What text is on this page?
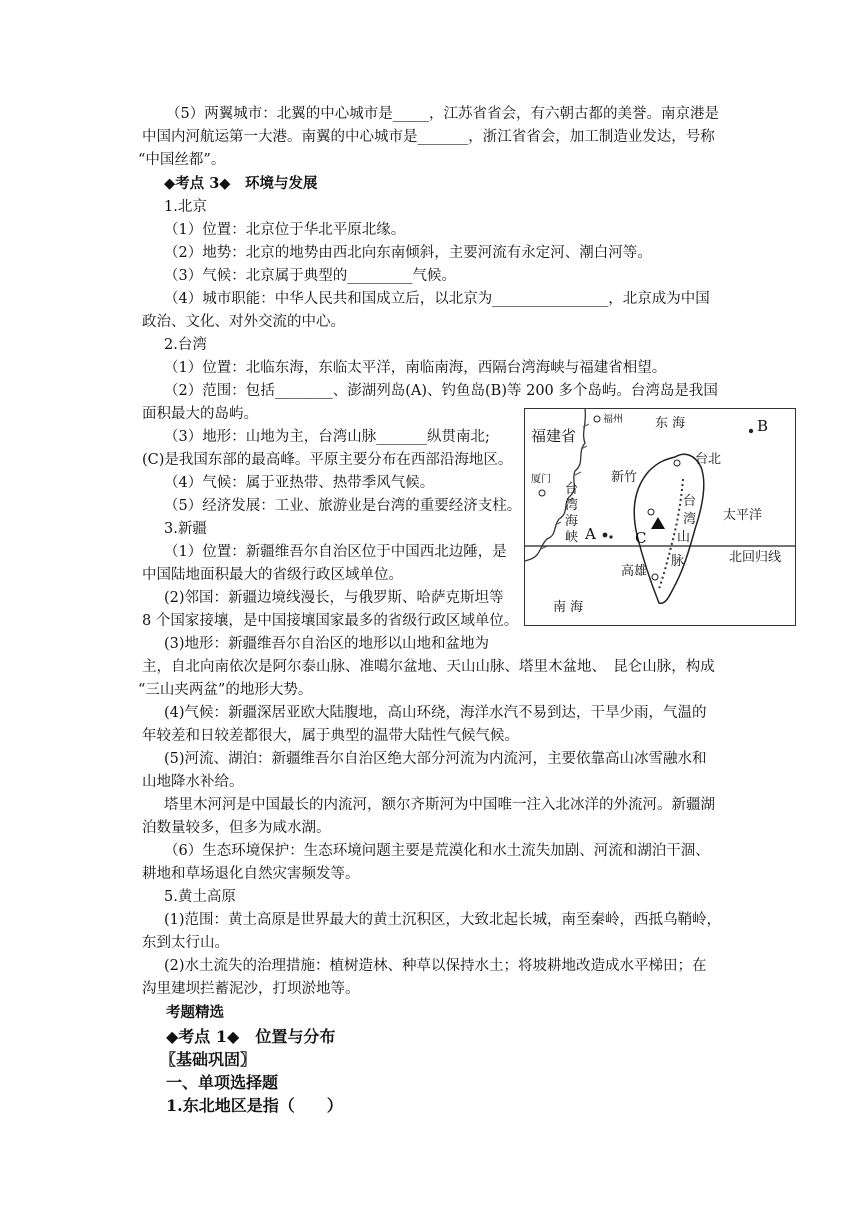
（5）两翼城市：北翼的中心城市是_____，江苏省省会，有六朝古都的美誉。南京港是
中国内河航运第一大港。南翼的中心城市是_______，浙江省省会，加工制造业发达，号称
“中国丝都”。
◆考点 3◆　环境与发展
1.北京
（1）位置：北京位于华北平原北缘。
（2）地势：北京的地势由西北向东南倾斜，主要河流有永定河、潮白河等。
（3）气候：北京属于典型的_________气候。
（4）城市职能：中华人民共和国成立后，以北京为________________，北京成为中国
政治、文化、对外交流的中心。
2.台湾
（1）位置：北临东海，东临太平洋，南临南海，西隔台湾海峡与福建省相望。
（2）范围：包括________、澎湖列岛(A)、钓鱼岛(B)等 200 多个岛屿。台湾岛是我国
面积最大的岛屿。
（3）地形：山地为主，台湾山脉_______纵贯南北;
(C)是我国东部的最高峰。平原主要分布在西部沿海地区。
（4）气候：属于亚热带、热带季风气候。
（5）经济发展：工业、旅游业是台湾的重要经济支柱。
3.新疆
（1）位置：新疆维吾尔自治区位于中国西北边陲，是
中国陆地面积最大的省级行政区域单位。
(2)邻国：新疆边境线漫长，与俄罗斯、哈萨克斯坦等
8 个国家接壤，是中国接壤国家最多的省级行政区域单位。
(3)地形：新疆维吾尔自治区的地形以山地和盆地为
主，自北向南依次是阿尔泰山脉、准噶尔盆地、天山山脉、塔里木盆地、　昆仑山脉，构成
“三山夹两盆”的地形大势。
(4)气候：新疆深居亚欧大陆腹地，高山环绕，海洋水汽不易到达，干旱少雨，气温的
年较差和日较差都很大，属于典型的温带大陆性气候气候。
(5)河流、湖泊：新疆维吾尔自治区绝大部分河流为内流河，主要依靠高山冰雪融水和
山地降水补给。
塔里木河河是中国最长的内流河，额尔齐斯河为中国唯一注入北冰洋的外流河。新疆湖
泊数量较多，但多为咸水湖。
（6）生态环境保护：生态环境问题主要是荒漠化和水土流失加剧、河流和湖泊干涸、
耕地和草场退化自然灾害频发等。
5.黄土高原
(1)范围：黄土高原是世界最大的黄土沉积区，大致北起长城，南至秦岭，西抵乌鞘岭，
东到太行山。
(2)水土流失的治理措施：植树造林、种草以保持水土；将坡耕地改造成水平梯田；在
沟里建坝拦蓄泥沙，打坝淤地等。
考题精选
◆考点 1◆　位置与分布
〖基础巩固〗
一、单项选择题
1.东北地区是指（　　）
福建省
福州 东 海	B
台北
厦门	新竹
台
湾
海
峡 A
台
湾
山
脉
太平洋
C
北回归线
高雄
南 海
